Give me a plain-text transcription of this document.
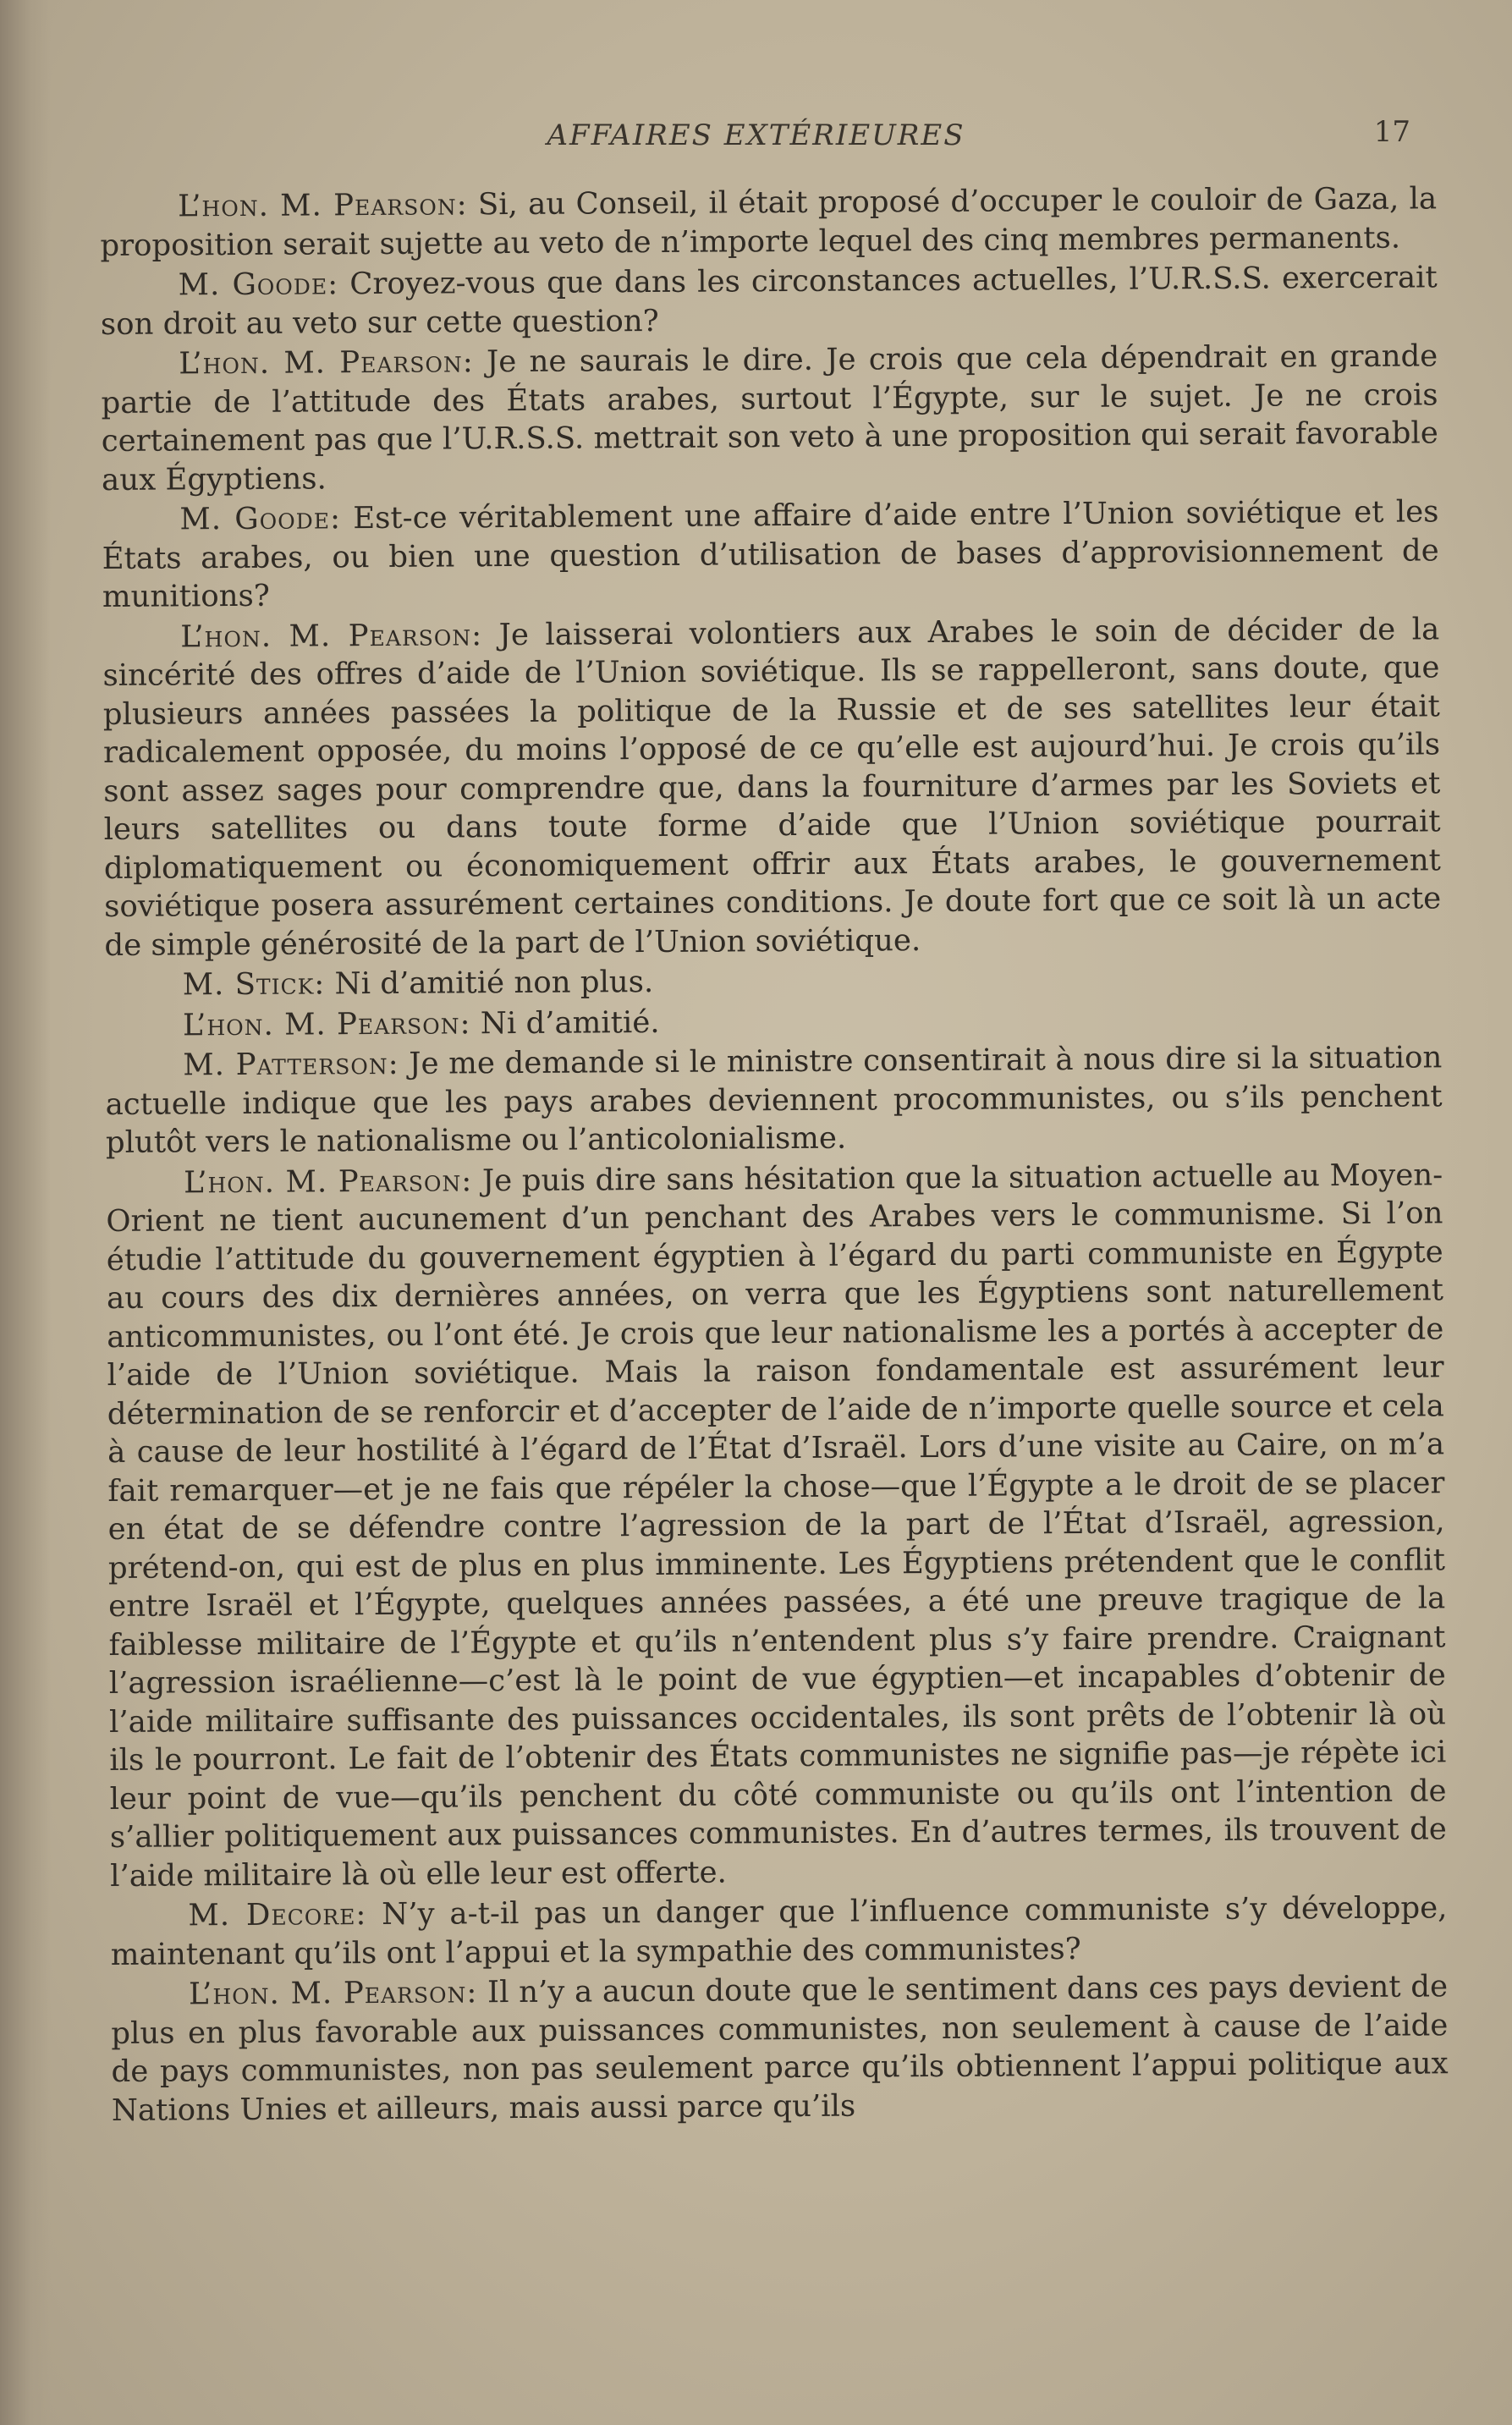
AFFAIRES EXTÉRIEURES	17

L’hon. M. Pearson: Si, au Conseil, il était proposé d’occuper le couloir de Gaza, la proposition serait sujette au veto de n’importe lequel des cinq membres permanents.

M. Goode: Croyez-vous que dans les circonstances actuelles, l’U.R.S.S. exercerait son droit au veto sur cette question?

L’hon. M. Pearson: Je ne saurais le dire. Je crois que cela dépendrait en grande partie de l’attitude des États arabes, surtout l’Égypte, sur le sujet. Je ne crois certainement pas que l’U.R.S.S. mettrait son veto à une proposition qui serait favorable aux Égyptiens.

M. Goode: Est-ce véritablement une affaire d’aide entre l’Union soviétique et les États arabes, ou bien une question d’utilisation de bases d’approvisionnement de munitions?

L’hon. M. Pearson: Je laisserai volontiers aux Arabes le soin de décider de la sincérité des offres d’aide de l’Union soviétique. Ils se rappelleront, sans doute, que plusieurs années passées la politique de la Russie et de ses satellites leur était radicalement opposée, du moins l’opposé de ce qu’elle est aujourd’hui. Je crois qu’ils sont assez sages pour comprendre que, dans la fourniture d’armes par les Soviets et leurs satellites ou dans toute forme d’aide que l’Union soviétique pourrait diplomatiquement ou économiquement offrir aux États arabes, le gouvernement soviétique posera assurément certaines conditions. Je doute fort que ce soit là un acte de simple générosité de la part de l’Union soviétique.

M. Stick: Ni d’amitié non plus.

L’hon. M. Pearson: Ni d’amitié.

M. Patterson: Je me demande si le ministre consentirait à nous dire si la situation actuelle indique que les pays arabes deviennent procommunistes, ou s’ils penchent plutôt vers le nationalisme ou l’anticolonialisme.

L’hon. M. Pearson: Je puis dire sans hésitation que la situation actuelle au Moyen-Orient ne tient aucunement d’un penchant des Arabes vers le communisme. Si l’on étudie l’attitude du gouvernement égyptien à l’égard du parti communiste en Égypte au cours des dix dernières années, on verra que les Égyptiens sont naturellement anticommunistes, ou l’ont été. Je crois que leur nationalisme les a portés à accepter de l’aide de l’Union soviétique. Mais la raison fondamentale est assurément leur détermination de se renforcir et d’accepter de l’aide de n’importe quelle source et cela à cause de leur hostilité à l’égard de l’État d’Israël. Lors d’une visite au Caire, on m’a fait remarquer—et je ne fais que répéler la chose—que l’Égypte a le droit de se placer en état de se défendre contre l’agression de la part de l’État d’Israël, agression, prétend-on, qui est de plus en plus imminente. Les Égyptiens prétendent que le conflit entre Israël et l’Égypte, quelques années passées, a été une preuve tragique de la faiblesse militaire de l’Égypte et qu’ils n’entendent plus s’y faire prendre. Craignant l’agression israélienne—c’est là le point de vue égyptien—et incapables d’obtenir de l’aide militaire suffisante des puissances occidentales, ils sont prêts de l’obtenir là où ils le pourront. Le fait de l’obtenir des États communistes ne signifie pas—je répète ici leur point de vue—qu’ils penchent du côté communiste ou qu’ils ont l’intention de s’allier politiquement aux puissances communistes. En d’autres termes, ils trouvent de l’aide militaire là où elle leur est offerte.

M. Decore: N’y a-t-il pas un danger que l’influence communiste s’y développe, maintenant qu’ils ont l’appui et la sympathie des communistes?

L’hon. M. Pearson: Il n’y a aucun doute que le sentiment dans ces pays devient de plus en plus favorable aux puissances communistes, non seulement à cause de l’aide de pays communistes, non pas seulement parce qu’ils obtiennent l’appui politique aux Nations Unies et ailleurs, mais aussi parce qu’ils
